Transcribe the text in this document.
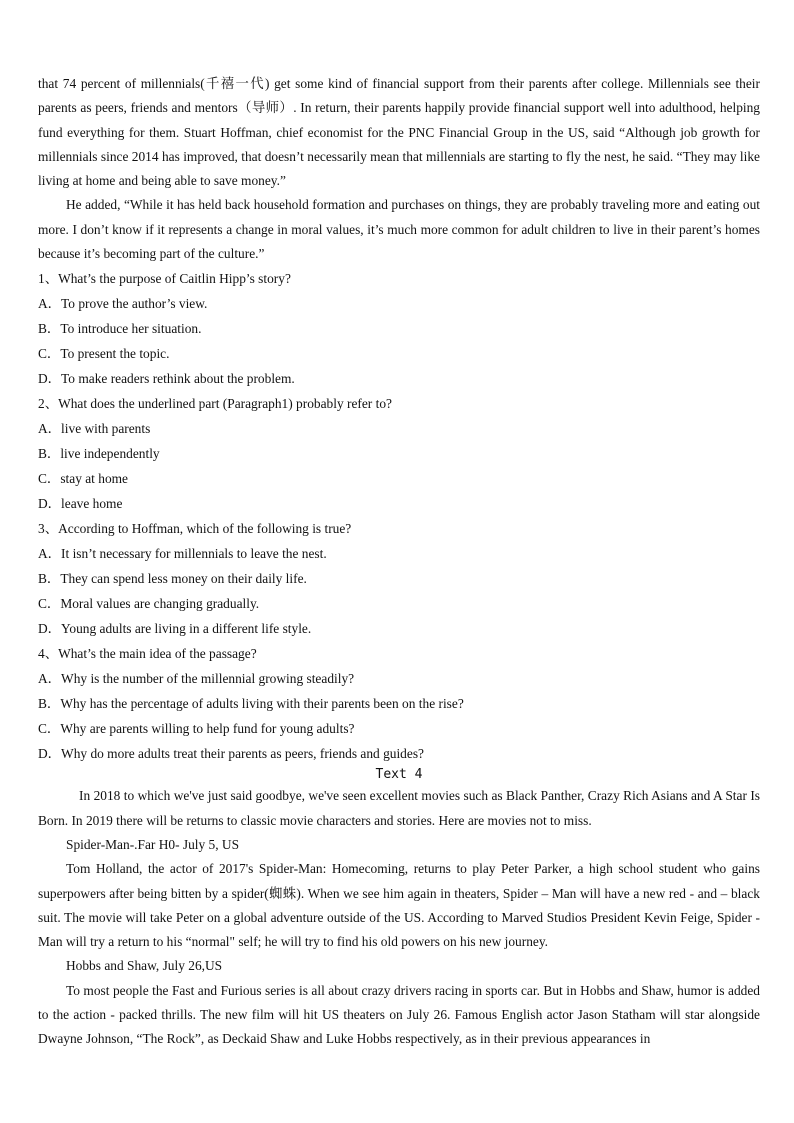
that 74 percent of millennials(千禧一代) get some kind of financial support from their parents after college. Millennials see their parents as peers, friends and mentors（导师）. In return, their parents happily provide financial support well into adulthood, helping fund everything for them. Stuart Hoffman, chief economist for the PNC Financial Group in the US, said “Although job growth for millennials since 2014 has improved, that doesn’t necessarily mean that millennials are starting to fly the nest, he said. “They may like living at home and being able to save money.”

He added, “While it has held back household formation and purchases on things, they are probably traveling more and eating out more. I don’t know if it represents a change in moral values, it’s much more common for adult children to live in their parent’s homes because it’s becoming part of the culture.”

1、What’s the purpose of Caitlin Hipp’s story?

A．To prove the author’s view.

B．To introduce her situation.

C．To present the topic.

D．To make readers rethink about the problem.

2、What does the underlined part (Paragraph1) probably refer to?

A．live with parents

B．live independently

C．stay at home

D．leave home

3、According to Hoffman, which of the following is true?

A．It isn’t necessary for millennials to leave the nest.

B．They can spend less money on their daily life.

C．Moral values are changing gradually.

D．Young adults are living in a different life style.

4、What’s the main idea of the passage?

A．Why is the number of the millennial growing steadily?

B．Why has the percentage of adults living with their parents been on the rise?

C．Why are parents willing to help fund for young adults?

D．Why do more adults treat their parents as peers, friends and guides?

Text 4

In 2018 to which we've just said goodbye, we've seen excellent movies such as Black Panther, Crazy Rich Asians and A Star Is Born. In 2019 there will be returns to classic movie characters and stories. Here are movies not to miss.

Spider-Man-.Far H0- July 5, US

Tom Holland, the actor of 2017's Spider-Man: Homecoming, returns to play Peter Parker, a high school student who gains superpowers after being bitten by a spider(蜘蛛). When we see him again in theaters, Spider – Man will have a new red - and – black suit. The movie will take Peter on a global adventure outside of the US. According to Marved Studios President Kevin Feige, Spider - Man will try a return to his “normal" self; he will try to find his old powers on his new journey.

Hobbs and Shaw, July 26,US

To most people the Fast and Furious series is all about crazy drivers racing in sports car. But in Hobbs and Shaw, humor is added to the action - packed thrills. The new film will hit US theaters on July 26. Famous English actor Jason Statham will star alongside Dwayne Johnson, “The Rock”, as Deckaid Shaw and Luke Hobbs respectively, as in their previous appearances in
